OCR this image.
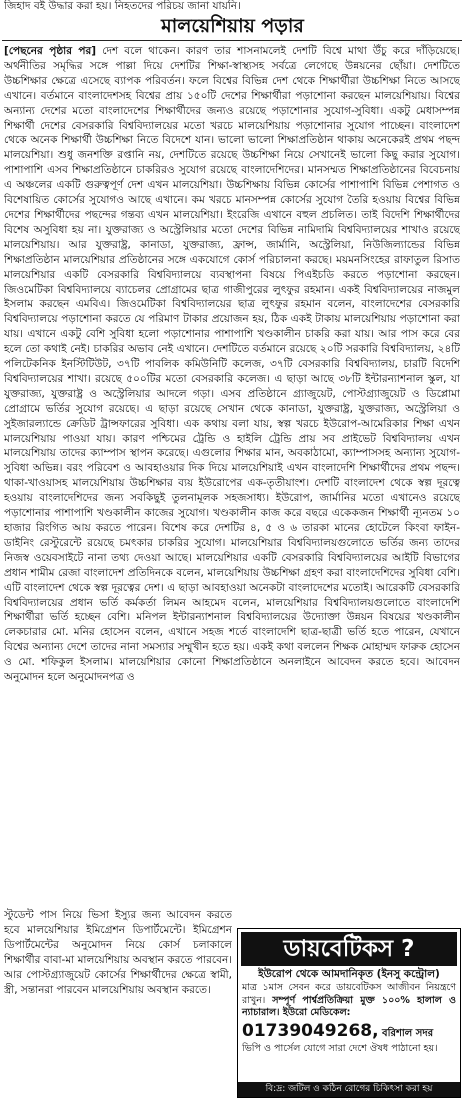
জিহাদ বই উদ্ধার করা হয়। নিহতদের পরিচয় জানা যায়নি।
মালয়েশিয়ায় পড়ার
[পেছনের পৃষ্ঠার পর] দেশ বলে থাকেন। কারণ তার শাসনামলেই দেশটি বিশ্বে মাথা উঁচু করে দাঁড়িয়েছে। অর্থনীতির সমৃদ্ধির সঙ্গে পাল্লা দিয়ে দেশটির শিক্ষা-স্বাস্থ্যসহ সর্বত্রে লেগেছে উন্নয়নের ছোঁয়া। দেশটিতে উচ্চশিক্ষার ক্ষেত্রে এসেছে ব্যাপক পরিবর্তন। ফলে বিশ্বের বিভিন্ন দেশ থেকে শিক্ষার্থীরা উচ্চশিক্ষা নিতে আসছে এখানে। বর্তমানে বাংলাদেশসহ বিশ্বের প্রায় ১৫০টি দেশের শিক্ষার্থীরা পড়াশোনা করছেন মালয়েশিয়ায়। বিশ্বের অন্যান্য দেশের মতো বাংলাদেশের শিক্ষার্থীদের জন্যও রয়েছে পড়াশোনার সুযোগ-সুবিধা। একটু মেধাসম্পন্ন শিক্ষার্থী দেশের বেসরকারি বিশ্ববিদ্যালয়ের মতো খরচে মালয়েশিয়ায় পড়াশোনার সুযোগ পাচ্ছেন। বাংলাদেশ থেকে অনেক শিক্ষার্থী উচ্চশিক্ষা নিতে বিদেশে যান। ভালো ভালো শিক্ষাপ্রতিষ্ঠান থাকায় অনেকেরই প্রথম পছন্দ মালয়েশিয়া। শুধু জনশক্তি রপ্তানি নয়, দেশটিতে রয়েছে উচ্চশিক্ষা নিয়ে সেখানেই ভালো কিছু করার সুযোগ। পাশাপাশি এসব শিক্ষাপ্রতিষ্ঠানে চাকরিরও সুযোগ রয়েছে বাংলাদেশিদের। মানসম্মত শিক্ষাপ্রতিষ্ঠানের বিবেচনায় এ অঞ্চলের একটি গুরুত্বপূর্ণ দেশ এখন মালয়েশিয়া। উচ্চশিক্ষায় বিভিন্ন কোর্সের পাশাপাশি বিভিন্ন পেশাগত ও বিশেষায়িত কোর্সের সুযোগও আছে এখানে। কম খরচে মানসম্পন্ন কোর্সের সুযোগ তৈরি হওয়ায় বিশ্বের বিভিন্ন দেশের শিক্ষার্থীদের পছন্দের গন্তব্য এখন মালয়েশিয়া। ইংরেজি এখানে বহুল প্রচলিত। তাই বিদেশি শিক্ষার্থীদের বিশেষ অসুবিধা হয় না। যুক্তরাজ্য ও অস্ট্রেলিয়ার মতো দেশের বিভিন্ন নামিদামি বিশ্ববিদ্যালয়ের শাখাও রয়েছে মালয়েশিয়ায়। আর যুক্তরাষ্ট্র, কানাডা, যুক্তরাজ্য, ফ্রান্স, জার্মানি, অস্ট্রেলিয়া, নিউজিল্যান্ডের বিভিন্ন শিক্ষাপ্রতিষ্ঠান মালয়েশিয়ার প্রতিষ্ঠানের সঙ্গে একযোগে কোর্স পরিচালনা করছে। ময়মনসিংহের রাফাতুল রিসাত মালয়েশিয়ার একটি বেসরকারি বিশ্ববিদ্যালয়ে ব্যবস্থাপনা বিষয়ে পিএইচডি করতে পড়াশোনা করছেন। জিওমেটিকা বিশ্ববিদ্যালয়ে ব্যাচেলর প্রোগ্রামের ছাত্র গাজীপুরের লুৎফুর রহমান। একই বিশ্ববিদ্যালয়ের নাজমুল ইসলাম করছেন এমবিএ। জিওমেটিকা বিশ্ববিদ্যালয়ের ছাত্র লুৎফুর রহমান বলেন, বাংলাদেশের বেসরকারি বিশ্ববিদ্যালয়ে পড়াশোনা করতে যে পরিমাণ টাকার প্রয়োজন হয়, ঠিক একই টাকায় মালয়েশিয়ায় পড়াশোনা করা যায়। এখানে একটু বেশি সুবিধা হলো পড়াশোনার পাশাপাশি খণ্ডকালীন চাকরি করা যায়। আর পাস করে বের হলে তো কথাই নেই। চাকরির অভাব নেই এখানে। দেশটিতে বর্তমানে রয়েছে ২০টি সরকারি বিশ্ববিদ্যালয়, ২৪টি পলিটেকনিক ইনস্টিটিউট, ৩৭টি পাবলিক কমিউনিটি কলেজ, ৩৭টি বেসরকারি বিশ্ববিদ্যালয়, চারটি বিদেশি বিশ্ববিদ্যালয়ের শাখা। রয়েছে ৫০০টির মতো বেসরকারি কলেজ। এ ছাড়া আছে ৩৮টি ইন্টারন্যাশনাল স্কুল, যা যুক্তরাজ্য, যুক্তরাষ্ট্র ও অস্ট্রেলিয়ার আদলে গড়া। এসব প্রতিষ্ঠানে গ্র্যাজুয়েট, পোস্টগ্র্যাজুয়েট ও ডিপ্লোমা প্রোগ্রামে ভর্তির সুযোগ রয়েছে। এ ছাড়া রয়েছে সেখান থেকে কানাডা, যুক্তরাষ্ট্র, যুক্তরাজ্য, অস্ট্রেলিয়া ও সুইজারল্যান্ডে ক্রেডিট ট্রান্সফারের সুবিধা। এক কথায় বলা যায়, স্বল্প খরচে ইউরোপ-আমেরিকার শিক্ষা এখন মালয়েশিয়ায় পাওয়া যায়। কারণ পশ্চিমের ট্রেন্ডি ও হাইলি ট্রেন্ডি প্রায় সব প্রাইভেট বিশ্ববিদ্যালয় এখন মালয়েশিয়ায় তাদের ক্যাম্পাস স্থাপন করেছে। এগুলোর শিক্ষার মান, অবকাঠামো, ক্যাম্পাসসহ অন্যান্য সুযোগ-সুবিধা অভিন্ন। বরং পরিবেশ ও আবহাওয়ার দিক দিয়ে মালয়েশিয়াই এখন বাংলাদেশি শিক্ষার্থীদের প্রথম পছন্দ। থাকা-খাওয়াসহ মালয়েশিয়ায় উচ্চশিক্ষার ব্যয় ইউরোপের এক-তৃতীয়াংশ। দেশটি বাংলাদেশ থেকে স্বল্প দূরত্বে হওয়ায় বাংলাদেশিদের জন্য সবকিছুই তুলনামূলক সহজসাধ্য। ইউরোপ, জার্মানির মতো এখানেও রয়েছে পড়াশোনার পাশাপাশি খণ্ডকালীন কাজের সুযোগ। খণ্ডকালীন কাজ করে বছরে একেকজন শিক্ষার্থী ন্যূনতম ১০ হাজার রিংগিত আয় করতে পারেন। বিশেষ করে দেশটির ৪, ৫ ও ৬ তারকা মানের হোটেলে কিংবা ফাইন-ডাইনিং রেস্টুরেন্টে রয়েছে চমৎকার চাকরির সুযোগ। মালয়েশিয়ার বিশ্ববিদ্যালয়গুলোতে ভর্তির জন্য তাদের নিজস্ব ওয়েবসাইটে নানা তথ্য দেওয়া আছে। মালয়েশিয়ার একটি বেসরকারি বিশ্ববিদ্যালয়ের আইটি বিভাগের প্রধান শামীম রেজা বাংলাদেশ প্রতিদিনকে বলেন, মালয়েশিয়ায় উচ্চশিক্ষা গ্রহণ করা বাংলাদেশিদের সুবিধা বেশি। এটি বাংলাদেশ থেকে স্বল্প দূরত্বের দেশ। এ ছাড়া আবহাওয়া অনেকটা বাংলাদেশের মতোই। আরেকটি বেসরকারি বিশ্ববিদ্যালয়ের প্রধান ভর্তি কর্মকর্তা লিমন আহমেদ বলেন, মালয়েশিয়ার বিশ্ববিদ্যালয়গুলোতে বাংলাদেশি শিক্ষার্থীরা ভর্তি হচ্ছেন বেশি। মনিপল ইন্টারন্যাশনাল বিশ্ববিদ্যালয়ের উদ্যোক্তা উন্নয়ন বিষয়ের খণ্ডকালীন লেকচারার মো. মনির হোসেন বলেন, এখানে সহজ শর্তে বাংলাদেশি ছাত্র-ছাত্রী ভর্তি হতে পারেন, যেখানে বিশ্বের অন্যান্য দেশে তাদের নানা সমস্যার সম্মুখীন হতে হয়। একই কথা বললেন শিক্ষক মোহাম্মদ ফারুক হোসেন ও মো. শফিকুল ইসলাম। মালয়েশিয়ার কোনো শিক্ষাপ্রতিষ্ঠানে অনলাইনে আবেদন করতে হবে। আবেদন অনুমোদন হলে অনুমোদনপত্র ও
স্টুডেন্ট পাস নিয়ে ভিসা ইস্যুর জন্য আবেদন করতে হবে মালয়েশিয়ার ইমিগ্রেশন ডিপার্টমেন্টে। ইমিগ্রেশন ডিপার্টমেন্টের অনুমোদন নিয়ে কোর্স চলাকালে শিক্ষার্থীর বাবা-মা মালয়েশিয়ায় অবস্থান করতে পারবেন। আর পোস্টগ্র্যাজুয়েট কোর্সের শিক্ষার্থীদের ক্ষেত্রে স্বামী, স্ত্রী, সন্তানরা পারবেন মালয়েশিয়ায় অবস্থান করতে।
ডায়বেটিকস ?
ইউরোপ থেকে আমদানিকৃত (ইনসু কন্ট্রোল)
মাত্র ১মাস সেবন করে ডায়বেটিকস আজীবন নিয়ন্ত্রণে রাখুন। সম্পূর্ণ পার্শ্বপ্রতিক্রিয়া মুক্ত ১০০% হালাল ও ন্যাচারাল। ইউরো মেডিকেল:
01739049268, বরিশাল সদর
ভিপি ও পার্সেল যোগে সারা দেশে ঔষধ পাঠানো হয়।
বি:দ্র: জটিল ও কঠিন রোগের চিকিৎসা করা হয়
